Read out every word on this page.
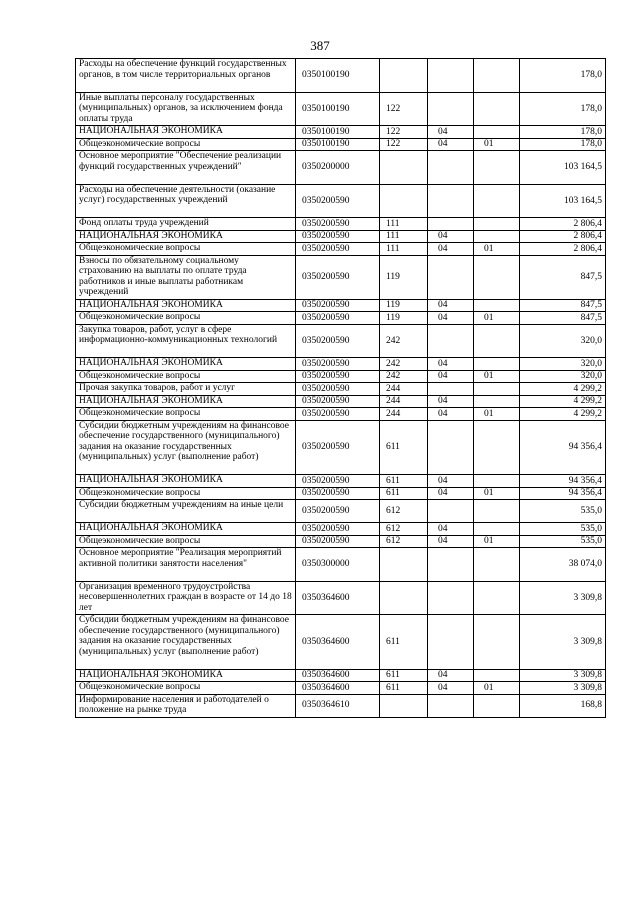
387
Расходы на обеспечение функций государственных органов, в том числе территориальных органов	0350100190				178,0
Иные выплаты персоналу государственных (муниципальных) органов, за исключением фонда оплаты труда	0350100190	122			178,0
НАЦИОНАЛЬНАЯ ЭКОНОМИКА	0350100190	122	04		178,0
Общеэкономические вопросы	0350100190	122	04	01	178,0
Основное мероприятие "Обеспечение реализации функций государственных учреждений"	0350200000				103 164,5
Расходы на обеспечение деятельности (оказание услуг) государственных учреждений	0350200590				103 164,5
Фонд оплаты труда учреждений	0350200590	111			2 806,4
НАЦИОНАЛЬНАЯ ЭКОНОМИКА	0350200590	111	04		2 806,4
Общеэкономические вопросы	0350200590	111	04	01	2 806,4
Взносы по обязательному социальному страхованию на выплаты по оплате труда работников и иные выплаты работникам учреждений	0350200590	119			847,5
НАЦИОНАЛЬНАЯ ЭКОНОМИКА	0350200590	119	04		847,5
Общеэкономические вопросы	0350200590	119	04	01	847,5
Закупка товаров, работ, услуг в сфере информационно-коммуникационных технологий	0350200590	242			320,0
НАЦИОНАЛЬНАЯ ЭКОНОМИКА	0350200590	242	04		320,0
Общеэкономические вопросы	0350200590	242	04	01	320,0
Прочая закупка товаров, работ и услуг	0350200590	244			4 299,2
НАЦИОНАЛЬНАЯ ЭКОНОМИКА	0350200590	244	04		4 299,2
Общеэкономические вопросы	0350200590	244	04	01	4 299,2
Субсидии бюджетным учреждениям на финансовое обеспечение государственного (муниципального) задания на оказание государственных (муниципальных) услуг (выполнение работ)	0350200590	611			94 356,4
НАЦИОНАЛЬНАЯ ЭКОНОМИКА	0350200590	611	04		94 356,4
Общеэкономические вопросы	0350200590	611	04	01	94 356,4
Субсидии бюджетным учреждениям на иные цели	0350200590	612			535,0
НАЦИОНАЛЬНАЯ ЭКОНОМИКА	0350200590	612	04		535,0
Общеэкономические вопросы	0350200590	612	04	01	535,0
Основное мероприятие "Реализация мероприятий активной политики занятости населения"	0350300000				38 074,0
Организация временного трудоустройства несовершеннолетних граждан в возрасте от 14 до 18 лет	0350364600				3 309,8
Субсидии бюджетным учреждениям на финансовое обеспечение государственного (муниципального) задания на оказание государственных (муниципальных) услуг (выполнение работ)	0350364600	611			3 309,8
НАЦИОНАЛЬНАЯ ЭКОНОМИКА	0350364600	611	04		3 309,8
Общеэкономические вопросы	0350364600	611	04	01	3 309,8
Информирование населения и работодателей о положение на рынке труда	0350364610				168,8
